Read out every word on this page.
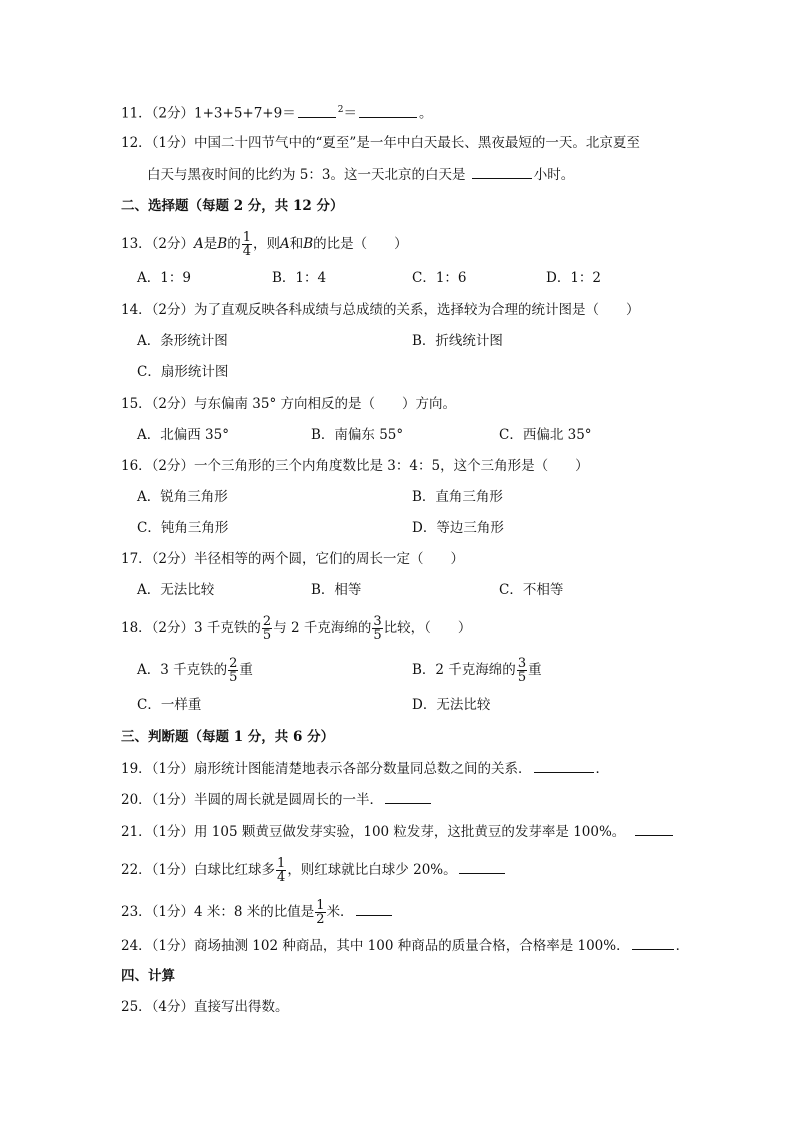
11．（2分）1+3+5+7+9＝	$^2$＝	。
12．（1分）中国二十四节气中的“夏至”是一年中白天最长、黑夜最短的一天。北京夏至
白天与黑夜时间的比约为 5：3。这一天北京的白天是	小时。
二、选择题（每题 2 分，共 12 分）
13．（2分）A是B的 $\frac{1}{4}$ ，则A和B的比是（　　）
A．1：9	B．1：4	C．1：6	D．1：2
14．（2分）为了直观反映各科成绩与总成绩的关系，选择较为合理的统计图是（　　）
A．条形统计图	B．折线统计图
C．扇形统计图
15．（2分）与东偏南 35° 方向相反的是（　　）方向。
A．北偏西 35°	B．南偏东 55°	C．西偏北 35°
16．（2分）一个三角形的三个内角度数比是 3：4：5，这个三角形是（　　）
A．锐角三角形	B．直角三角形
C．钝角三角形	D．等边三角形
17．（2分）半径相等的两个圆，它们的周长一定（　　）
A．无法比较	B．相等	C．不相等
18．（2分）3 千克铁的 $\frac{2}{5}$ 与 2 千克海绵的 $\frac{3}{5}$ 比较，（　　）
A．3 千克铁的 $\frac{2}{5}$ 重	B．2 千克海绵的 $\frac{3}{5}$ 重
C．一样重	D．无法比较
三、判断题（每题 1 分，共 6 分）
19．（1分）扇形统计图能清楚地表示各部分数量同总数之间的关系．	．
20．（1分）半圆的周长就是圆周长的一半．
21．（1分）用 105 颗黄豆做发芽实验，100 粒发芽，这批黄豆的发芽率是 100%。
22．（1分）白球比红球多 $\frac{1}{4}$ ，则红球就比白球少 20%。
23．（1分）4 米：8 米的比值是 $\frac{1}{2}$ 米．
24．（1分）商场抽测 102 种商品，其中 100 种商品的质量合格，合格率是 100%．	．
四、计算
25．（4分）直接写出得数。
